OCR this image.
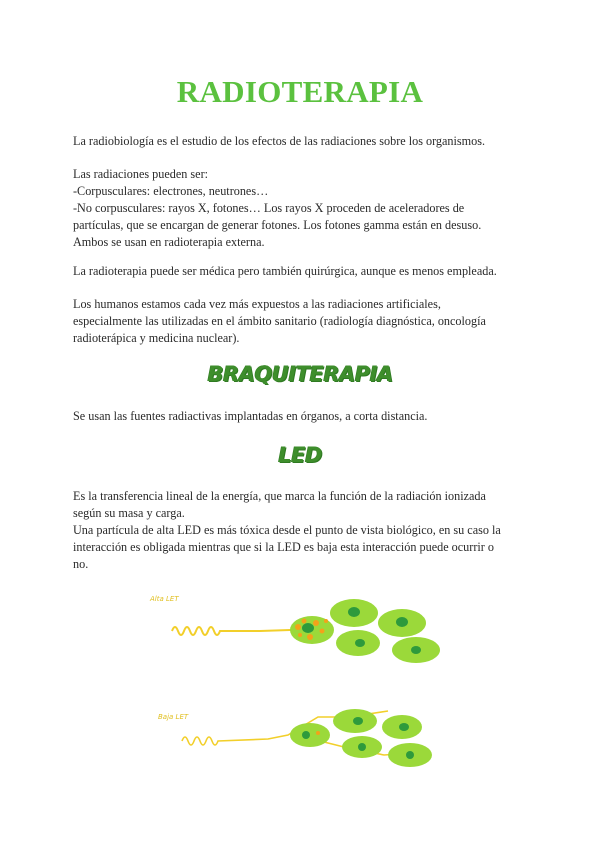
RADIOTERAPIA

La radiobiología es el estudio de los efectos de las radiaciones sobre los organismos.

Las radiaciones pueden ser:
-Corpusculares: electrones, neutrones…
-No corpusculares: rayos X, fotones… Los rayos X proceden de aceleradores de
partículas, que se encargan de generar fotones. Los fotones gamma están en desuso.
Ambos se usan en radioterapia externa.

La radioterapia puede ser médica pero también quirúrgica, aunque es menos empleada.

Los humanos estamos cada vez más expuestos a las radiaciones artificiales,
especialmente las utilizadas en el ámbito sanitario (radiología diagnóstica, oncología
radioterápica y medicina nuclear).

BRAQUITERAPIA

Se usan las fuentes radiactivas implantadas en órganos, a corta distancia.

LED

Es la transferencia lineal de la energía, que marca la función de la radiación ionizada
según su masa y carga.
Una partícula de alta LED es más tóxica desde el punto de vista biológico, en su caso la
interacción es obligada mientras que si la LED es baja esta interacción puede ocurrir o
no.

Alta LET
Baja LET
